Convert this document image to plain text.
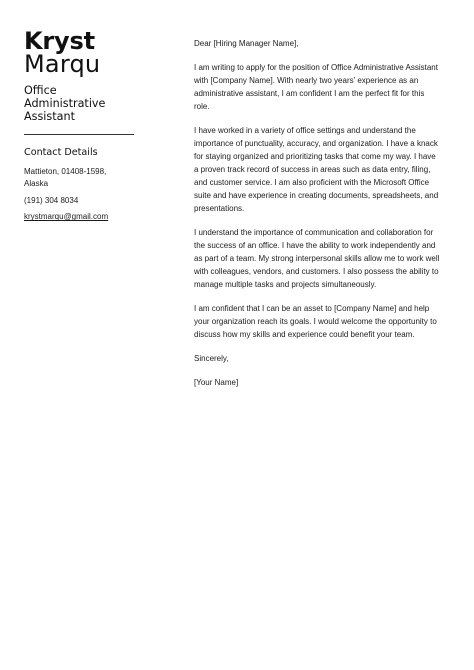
Kryst
Marqu
Office Administrative Assistant
Contact Details
Mattieton, 01408-1598,
Alaska
(191) 304 8034
krystmarqu@gmail.com

Dear [Hiring Manager Name],

I am writing to apply for the position of Office Administrative Assistant with [Company Name]. With nearly two years' experience as an administrative assistant, I am confident I am the perfect fit for this role.

I have worked in a variety of office settings and understand the importance of punctuality, accuracy, and organization. I have a knack for staying organized and prioritizing tasks that come my way. I have a proven track record of success in areas such as data entry, filing, and customer service. I am also proficient with the Microsoft Office suite and have experience in creating documents, spreadsheets, and presentations.

I understand the importance of communication and collaboration for the success of an office. I have the ability to work independently and as part of a team. My strong interpersonal skills allow me to work well with colleagues, vendors, and customers. I also possess the ability to manage multiple tasks and projects simultaneously.

I am confident that I can be an asset to [Company Name] and help your organization reach its goals. I would welcome the opportunity to discuss how my skills and experience could benefit your team.

Sincerely,

[Your Name]
